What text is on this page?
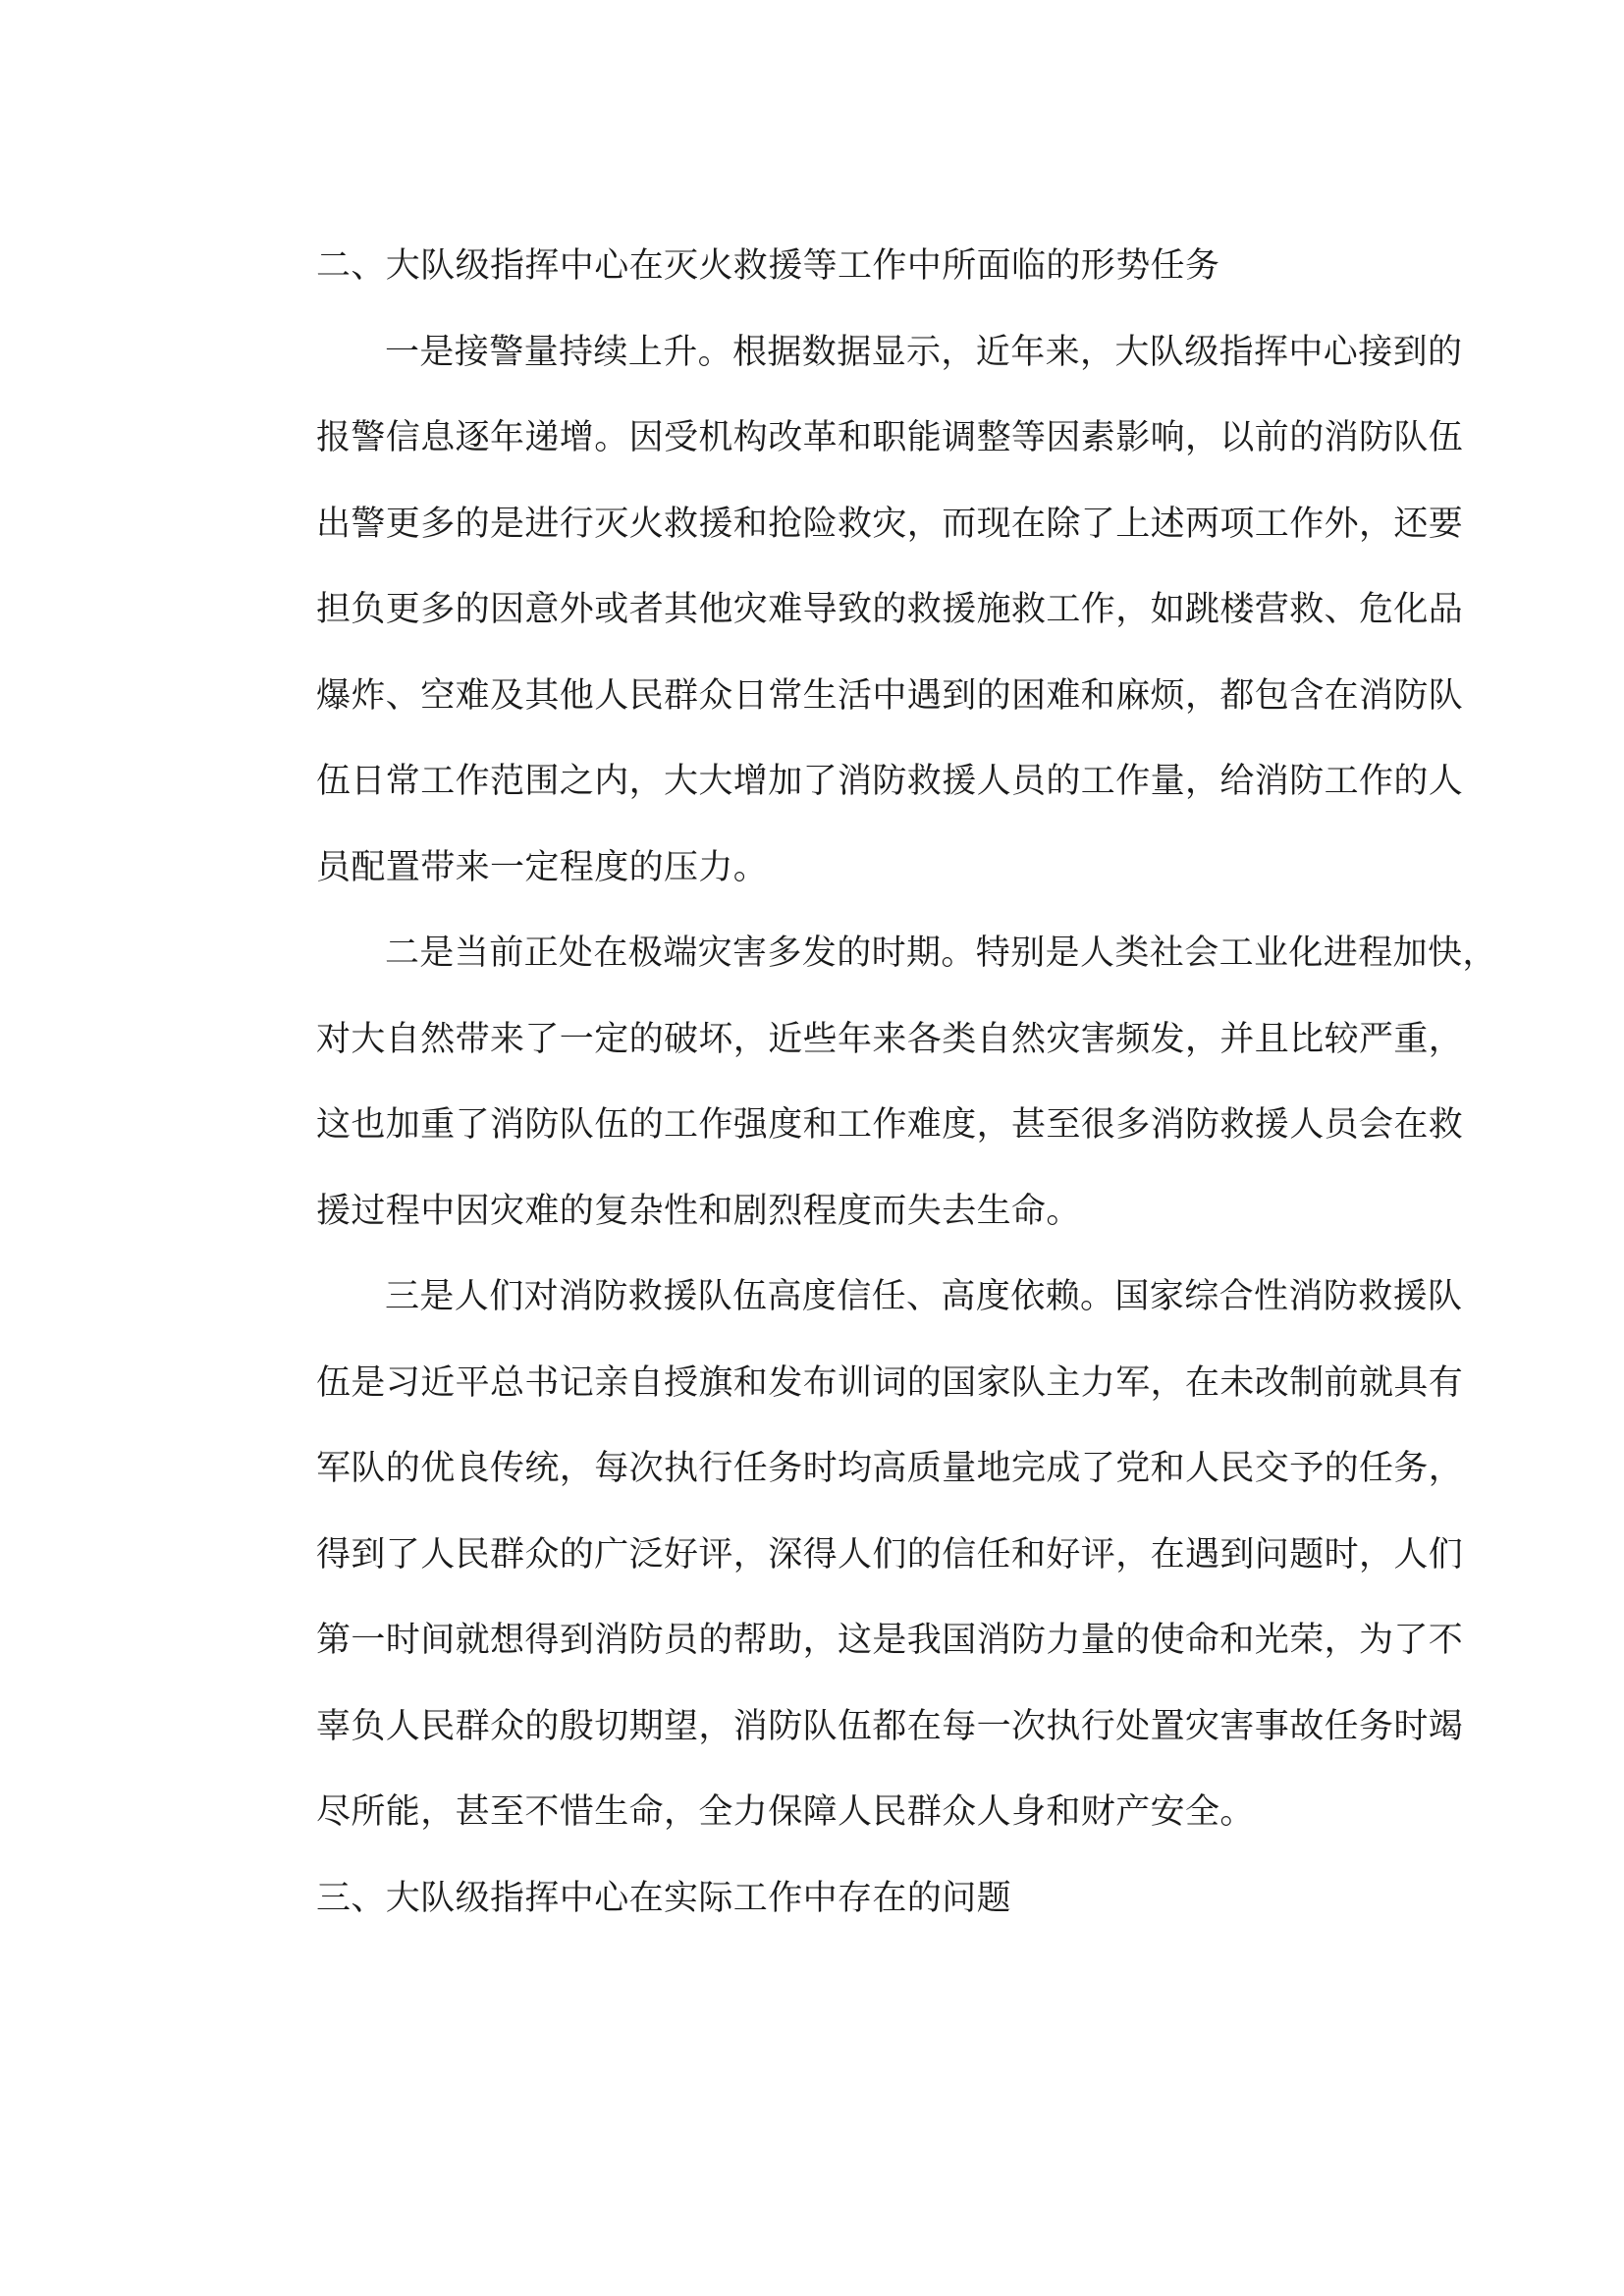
二、大队级指挥中心在灭火救援等工作中所面临的形势任务

一是接警量持续上升。根据数据显示，近年来，大队级指挥中心接到的
报警信息逐年递增。因受机构改革和职能调整等因素影响，以前的消防队伍
出警更多的是进行灭火救援和抢险救灾，而现在除了上述两项工作外，还要
担负更多的因意外或者其他灾难导致的救援施救工作，如跳楼营救、危化品
爆炸、空难及其他人民群众日常生活中遇到的困难和麻烦，都包含在消防队
伍日常工作范围之内，大大增加了消防救援人员的工作量，给消防工作的人
员配置带来一定程度的压力。

二是当前正处在极端灾害多发的时期。特别是人类社会工业化进程加快，
对大自然带来了一定的破坏，近些年来各类自然灾害频发，并且比较严重，
这也加重了消防队伍的工作强度和工作难度，甚至很多消防救援人员会在救
援过程中因灾难的复杂性和剧烈程度而失去生命。

三是人们对消防救援队伍高度信任、高度依赖。国家综合性消防救援队
伍是习近平总书记亲自授旗和发布训词的国家队主力军，在未改制前就具有
军队的优良传统，每次执行任务时均高质量地完成了党和人民交予的任务，
得到了人民群众的广泛好评，深得人们的信任和好评，在遇到问题时，人们
第一时间就想得到消防员的帮助，这是我国消防力量的使命和光荣，为了不
辜负人民群众的殷切期望，消防队伍都在每一次执行处置灾害事故任务时竭
尽所能，甚至不惜生命，全力保障人民群众人身和财产安全。

三、大队级指挥中心在实际工作中存在的问题
